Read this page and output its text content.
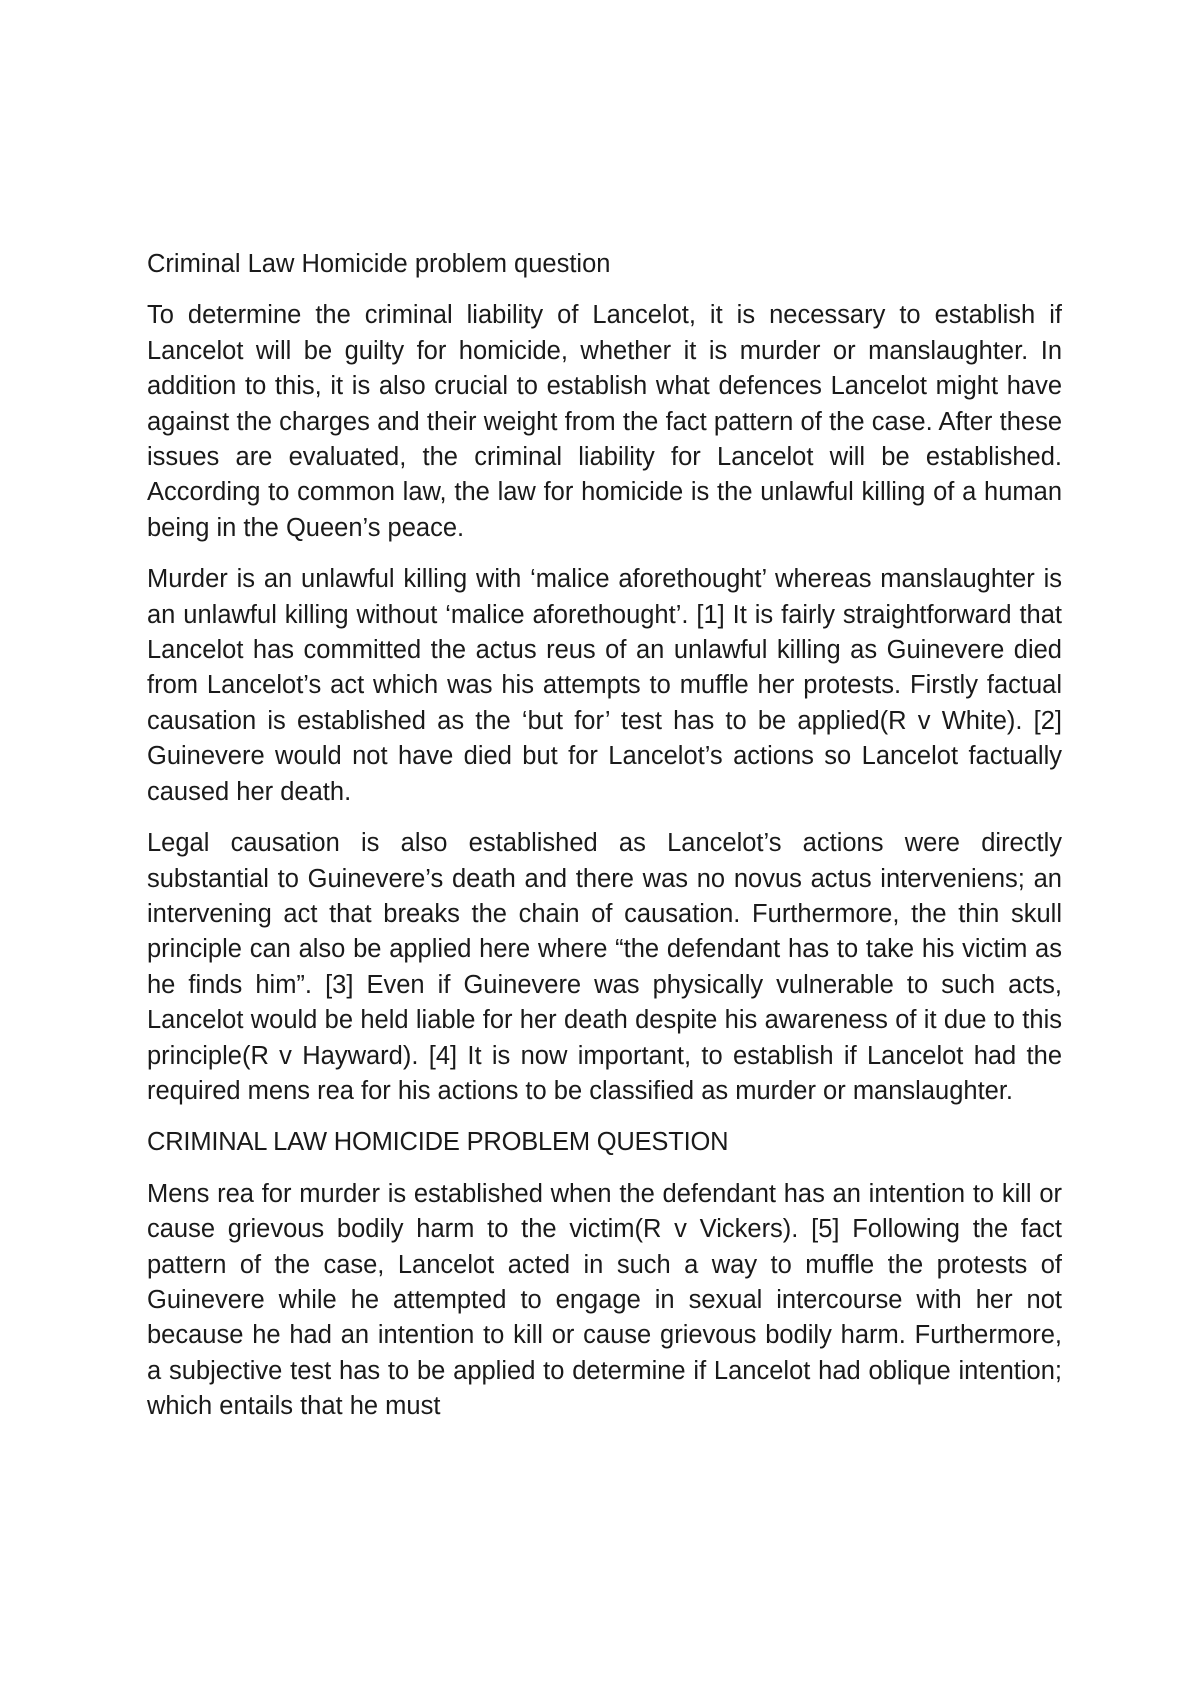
Criminal Law Homicide problem question

To determine the criminal liability of Lancelot, it is necessary to establish if Lancelot will be guilty for homicide, whether it is murder or manslaughter. In addition to this, it is also crucial to establish what defences Lancelot might have against the charges and their weight from the fact pattern of the case. After these issues are evaluated, the criminal liability for Lancelot will be established. According to common law, the law for homicide is the unlawful killing of a human being in the Queen’s peace.

Murder is an unlawful killing with ‘malice aforethought’ whereas manslaughter is an unlawful killing without ‘malice aforethought’. [1] It is fairly straightforward that Lancelot has committed the actus reus of an unlawful killing as Guinevere died from Lancelot’s act which was his attempts to muffle her protests. Firstly factual causation is established as the ‘but for’ test has to be applied(R v White). [2] Guinevere would not have died but for Lancelot’s actions so Lancelot factually caused her death.

Legal causation is also established as Lancelot’s actions were directly substantial to Guinevere’s death and there was no novus actus interveniens; an intervening act that breaks the chain of causation. Furthermore, the thin skull principle can also be applied here where “the defendant has to take his victim as he finds him”. [3] Even if Guinevere was physically vulnerable to such acts, Lancelot would be held liable for her death despite his awareness of it due to this principle(R v Hayward). [4] It is now important, to establish if Lancelot had the required mens rea for his actions to be classified as murder or manslaughter.

CRIMINAL LAW HOMICIDE PROBLEM QUESTION

Mens rea for murder is established when the defendant has an intention to kill or cause grievous bodily harm to the victim(R v Vickers). [5] Following the fact pattern of the case, Lancelot acted in such a way to muffle the protests of Guinevere while he attempted to engage in sexual intercourse with her not because he had an intention to kill or cause grievous bodily harm. Furthermore, a subjective test has to be applied to determine if Lancelot had oblique intention; which entails that he must
